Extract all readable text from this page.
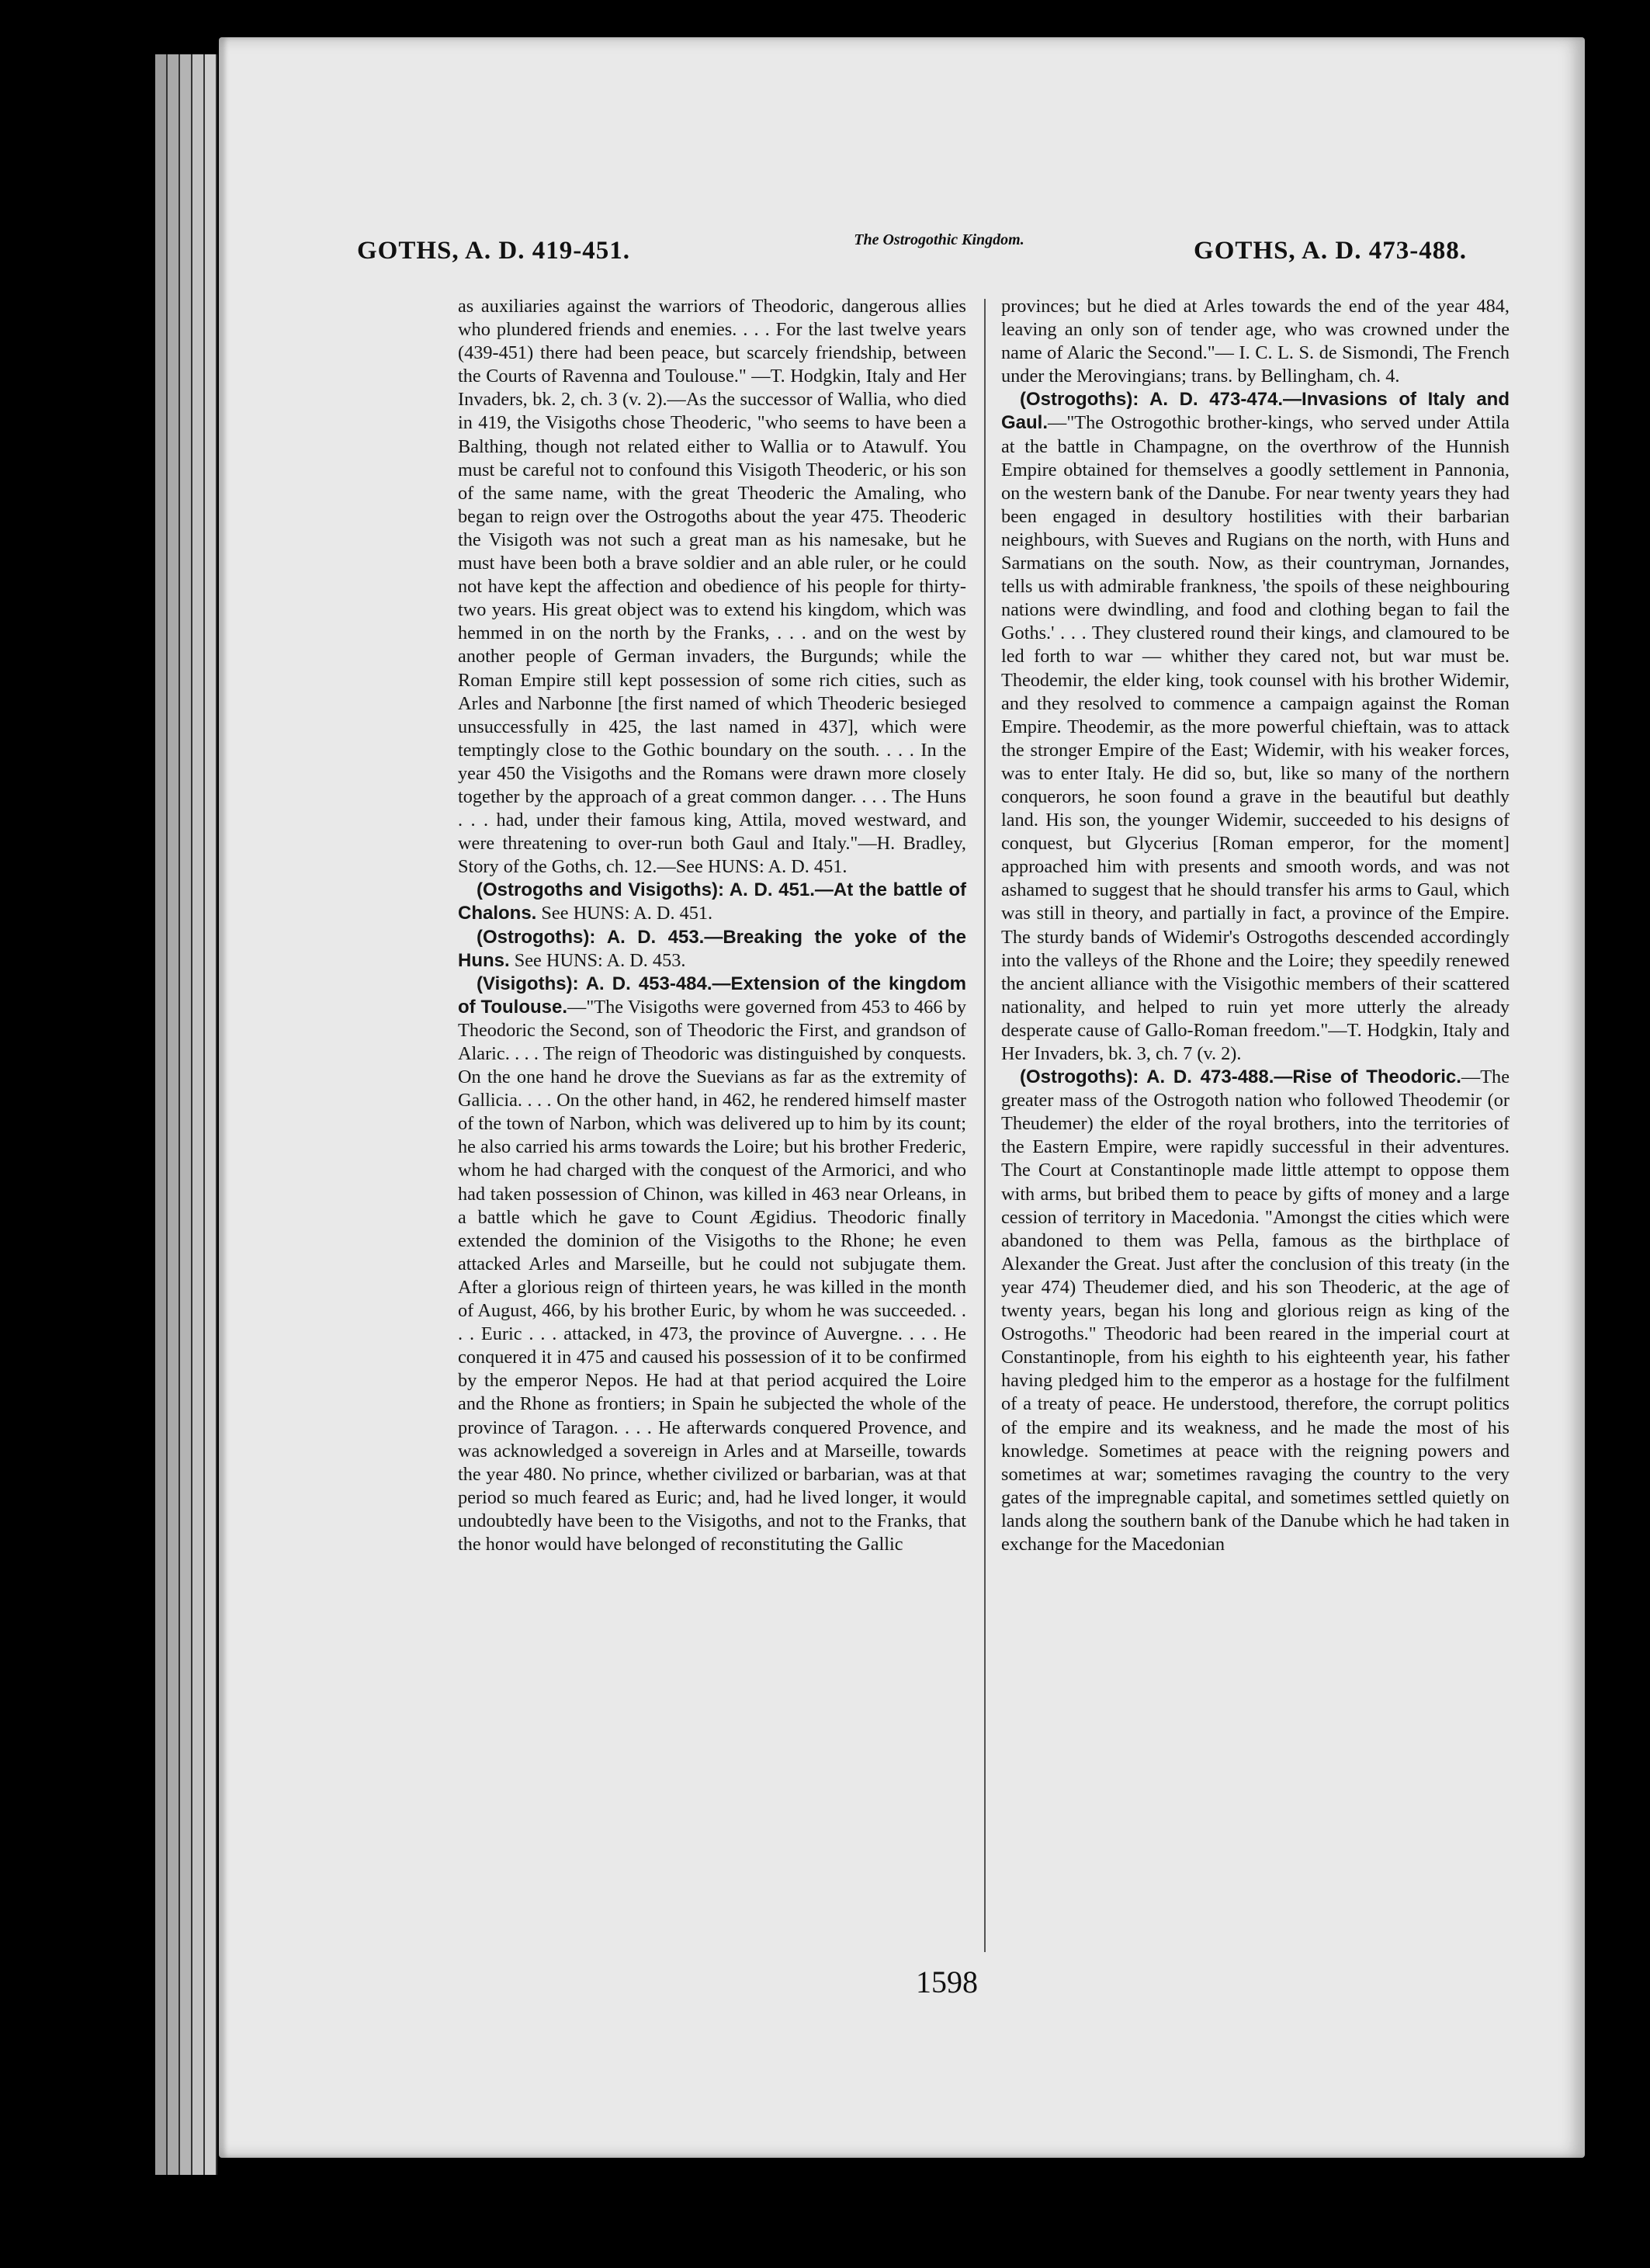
GOTHS, A. D. 419-451.	The Ostrogothic Kingdom.	GOTHS, A. D. 473-488.

as auxiliaries against the warriors of Theodoric, dangerous allies who plundered friends and enemies. . . . For the last twelve years (439-451) there had been peace, but scarcely friendship, between the Courts of Ravenna and Toulouse." —T. Hodgkin, Italy and Her Invaders, bk. 2, ch. 3 (v. 2).—As the successor of Wallia, who died in 419, the Visigoths chose Theoderic, "who seems to have been a Balthing, though not related either to Wallia or to Atawulf. You must be careful not to confound this Visigoth Theoderic, or his son of the same name, with the great Theoderic the Amaling, who began to reign over the Ostrogoths about the year 475. Theoderic the Visigoth was not such a great man as his namesake, but he must have been both a brave soldier and an able ruler, or he could not have kept the affection and obedience of his people for thirty-two years. His great object was to extend his kingdom, which was hemmed in on the north by the Franks, . . . and on the west by another people of German invaders, the Burgunds; while the Roman Empire still kept possession of some rich cities, such as Arles and Narbonne [the first named of which Theoderic besieged unsuccessfully in 425, the last named in 437], which were temptingly close to the Gothic boundary on the south. . . . In the year 450 the Visigoths and the Romans were drawn more closely together by the approach of a great common danger. . . . The Huns . . . had, under their famous king, Attila, moved westward, and were threatening to over-run both Gaul and Italy."—H. Bradley, Story of the Goths, ch. 12.—See HUNS: A. D. 451.

(Ostrogoths and Visigoths): A. D. 451.—At the battle of Chalons. See HUNS: A. D. 451.

(Ostrogoths): A. D. 453.—Breaking the yoke of the Huns. See HUNS: A. D. 453.

(Visigoths): A. D. 453-484.—Extension of the kingdom of Toulouse.—"The Visigoths were governed from 453 to 466 by Theodoric the Second, son of Theodoric the First, and grandson of Alaric. . . . The reign of Theodoric was distinguished by conquests. On the one hand he drove the Suevians as far as the extremity of Gallicia. . . . On the other hand, in 462, he rendered himself master of the town of Narbon, which was delivered up to him by its count; he also carried his arms towards the Loire; but his brother Frederic, whom he had charged with the conquest of the Armorici, and who had taken possession of Chinon, was killed in 463 near Orleans, in a battle which he gave to Count Ægidius. Theodoric finally extended the dominion of the Visigoths to the Rhone; he even attacked Arles and Marseille, but he could not subjugate them. After a glorious reign of thirteen years, he was killed in the month of August, 466, by his brother Euric, by whom he was succeeded. . . . Euric . . . attacked, in 473, the province of Auvergne. . . . He conquered it in 475 and caused his possession of it to be confirmed by the emperor Nepos. He had at that period acquired the Loire and the Rhone as frontiers; in Spain he subjected the whole of the province of Taragon. . . . He afterwards conquered Provence, and was acknowledged a sovereign in Arles and at Marseille, towards the year 480. No prince, whether civilized or barbarian, was at that period so much feared as Euric; and, had he lived longer, it would undoubtedly have been to the Visigoths, and not to the Franks, that the honor would have belonged of reconstituting the Gallic

provinces; but he died at Arles towards the end of the year 484, leaving an only son of tender age, who was crowned under the name of Alaric the Second."— I. C. L. S. de Sismondi, The French under the Merovingians; trans. by Bellingham, ch. 4.

(Ostrogoths): A. D. 473-474.—Invasions of Italy and Gaul.—"The Ostrogothic brother-kings, who served under Attila at the battle in Champagne, on the overthrow of the Hunnish Empire obtained for themselves a goodly settlement in Pannonia, on the western bank of the Danube. For near twenty years they had been engaged in desultory hostilities with their barbarian neighbours, with Sueves and Rugians on the north, with Huns and Sarmatians on the south. Now, as their countryman, Jornandes, tells us with admirable frankness, 'the spoils of these neighbouring nations were dwindling, and food and clothing began to fail the Goths.' . . . They clustered round their kings, and clamoured to be led forth to war — whither they cared not, but war must be. Theodemir, the elder king, took counsel with his brother Widemir, and they resolved to commence a campaign against the Roman Empire. Theodemir, as the more powerful chieftain, was to attack the stronger Empire of the East; Widemir, with his weaker forces, was to enter Italy. He did so, but, like so many of the northern conquerors, he soon found a grave in the beautiful but deathly land. His son, the younger Widemir, succeeded to his designs of conquest, but Glycerius [Roman emperor, for the moment] approached him with presents and smooth words, and was not ashamed to suggest that he should transfer his arms to Gaul, which was still in theory, and partially in fact, a province of the Empire. The sturdy bands of Widemir's Ostrogoths descended accordingly into the valleys of the Rhone and the Loire; they speedily renewed the ancient alliance with the Visigothic members of their scattered nationality, and helped to ruin yet more utterly the already desperate cause of Gallo-Roman freedom."—T. Hodgkin, Italy and Her Invaders, bk. 3, ch. 7 (v. 2).

(Ostrogoths): A. D. 473-488.—Rise of Theodoric.—The greater mass of the Ostrogoth nation who followed Theodemir (or Theudemer) the elder of the royal brothers, into the territories of the Eastern Empire, were rapidly successful in their adventures. The Court at Constantinople made little attempt to oppose them with arms, but bribed them to peace by gifts of money and a large cession of territory in Macedonia. "Amongst the cities which were abandoned to them was Pella, famous as the birthplace of Alexander the Great. Just after the conclusion of this treaty (in the year 474) Theudemer died, and his son Theoderic, at the age of twenty years, began his long and glorious reign as king of the Ostrogoths." Theodoric had been reared in the imperial court at Constantinople, from his eighth to his eighteenth year, his father having pledged him to the emperor as a hostage for the fulfilment of a treaty of peace. He understood, therefore, the corrupt politics of the empire and its weakness, and he made the most of his knowledge. Sometimes at peace with the reigning powers and sometimes at war; sometimes ravaging the country to the very gates of the impregnable capital, and sometimes settled quietly on lands along the southern bank of the Danube which he had taken in exchange for the Macedonian

1598
